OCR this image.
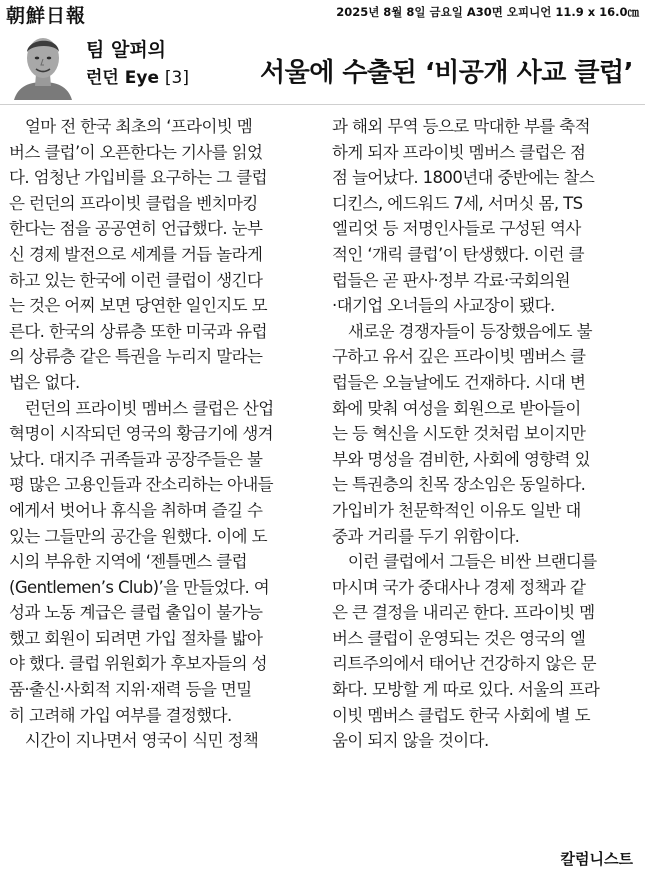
朝鮮日報	2025년 8월 8일 금요일 A30면 오피니언 11.9 x 16.0㎝
팀 알퍼의
런던 Eye [3]	서울에 수출된 ‘비공개 사교 클럽’
　얼마 전 한국 최초의 ‘프라이빗 멤
버스 클럽’이 오픈한다는 기사를 읽었
다. 엄청난 가입비를 요구하는 그 클럽
은 런던의 프라이빗 클럽을 벤치마킹
한다는 점을 공공연히 언급했다. 눈부
신 경제 발전으로 세계를 거듭 놀라게
하고 있는 한국에 이런 클럽이 생긴다
는 것은 어찌 보면 당연한 일인지도 모
른다. 한국의 상류층 또한 미국과 유럽
의 상류층 같은 특권을 누리지 말라는
법은 없다.
　런던의 프라이빗 멤버스 클럽은 산업
혁명이 시작되던 영국의 황금기에 생겨
났다. 대지주 귀족들과 공장주들은 불
평 많은 고용인들과 잔소리하는 아내들
에게서 벗어나 휴식을 취하며 즐길 수
있는 그들만의 공간을 원했다. 이에 도
시의 부유한 지역에 ‘젠틀멘스 클럽
(Gentlemen’s Club)’을 만들었다. 여
성과 노동 계급은 클럽 출입이 불가능
했고 회원이 되려면 가입 절차를 밟아
야 했다. 클럽 위원회가 후보자들의 성
품·출신·사회적 지위·재력 등을 면밀
히 고려해 가입 여부를 결정했다.
　시간이 지나면서 영국이 식민 정책
과 해외 무역 등으로 막대한 부를 축적
하게 되자 프라이빗 멤버스 클럽은 점
점 늘어났다. 1800년대 중반에는 찰스
디킨스, 에드워드 7세, 서머싯 몸, TS
엘리엇 등 저명인사들로 구성된 역사
적인 ‘개릭 클럽’이 탄생했다. 이런 클
럽들은 곧 판사·정부 각료·국회의원
·대기업 오너들의 사교장이 됐다.
　새로운 경쟁자들이 등장했음에도 불
구하고 유서 깊은 프라이빗 멤버스 클
럽들은 오늘날에도 건재하다. 시대 변
화에 맞춰 여성을 회원으로 받아들이
는 등 혁신을 시도한 것처럼 보이지만
부와 명성을 겸비한, 사회에 영향력 있
는 특권층의 친목 장소임은 동일하다.
가입비가 천문학적인 이유도 일반 대
중과 거리를 두기 위함이다.
　이런 클럽에서 그들은 비싼 브랜디를
마시며 국가 중대사나 경제 정책과 같
은 큰 결정을 내리곤 한다. 프라이빗 멤
버스 클럽이 운영되는 것은 영국의 엘
리트주의에서 태어난 건강하지 않은 문
화다. 모방할 게 따로 있다. 서울의 프라
이빗 멤버스 클럽도 한국 사회에 별 도
움이 되지 않을 것이다.
칼럼니스트
